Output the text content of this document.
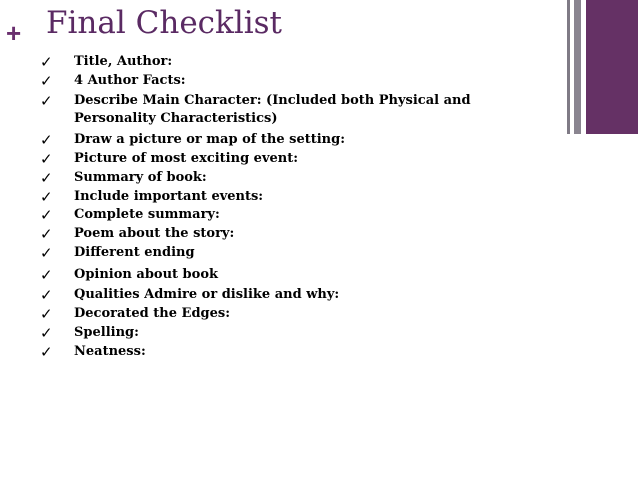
+ Final Checklist
✓ Title, Author:
✓ 4 Author Facts:
✓ Describe Main Character: (Included both Physical and Personality Characteristics)
✓ Draw a picture or map of the setting:
✓ Picture of most exciting event:
✓ Summary of book:
✓ Include important events:
✓ Complete summary:
✓ Poem about the story:
✓ Different ending
✓ Opinion about book
✓ Qualities Admire or dislike and why:
✓ Decorated the Edges:
✓ Spelling:
✓ Neatness:
